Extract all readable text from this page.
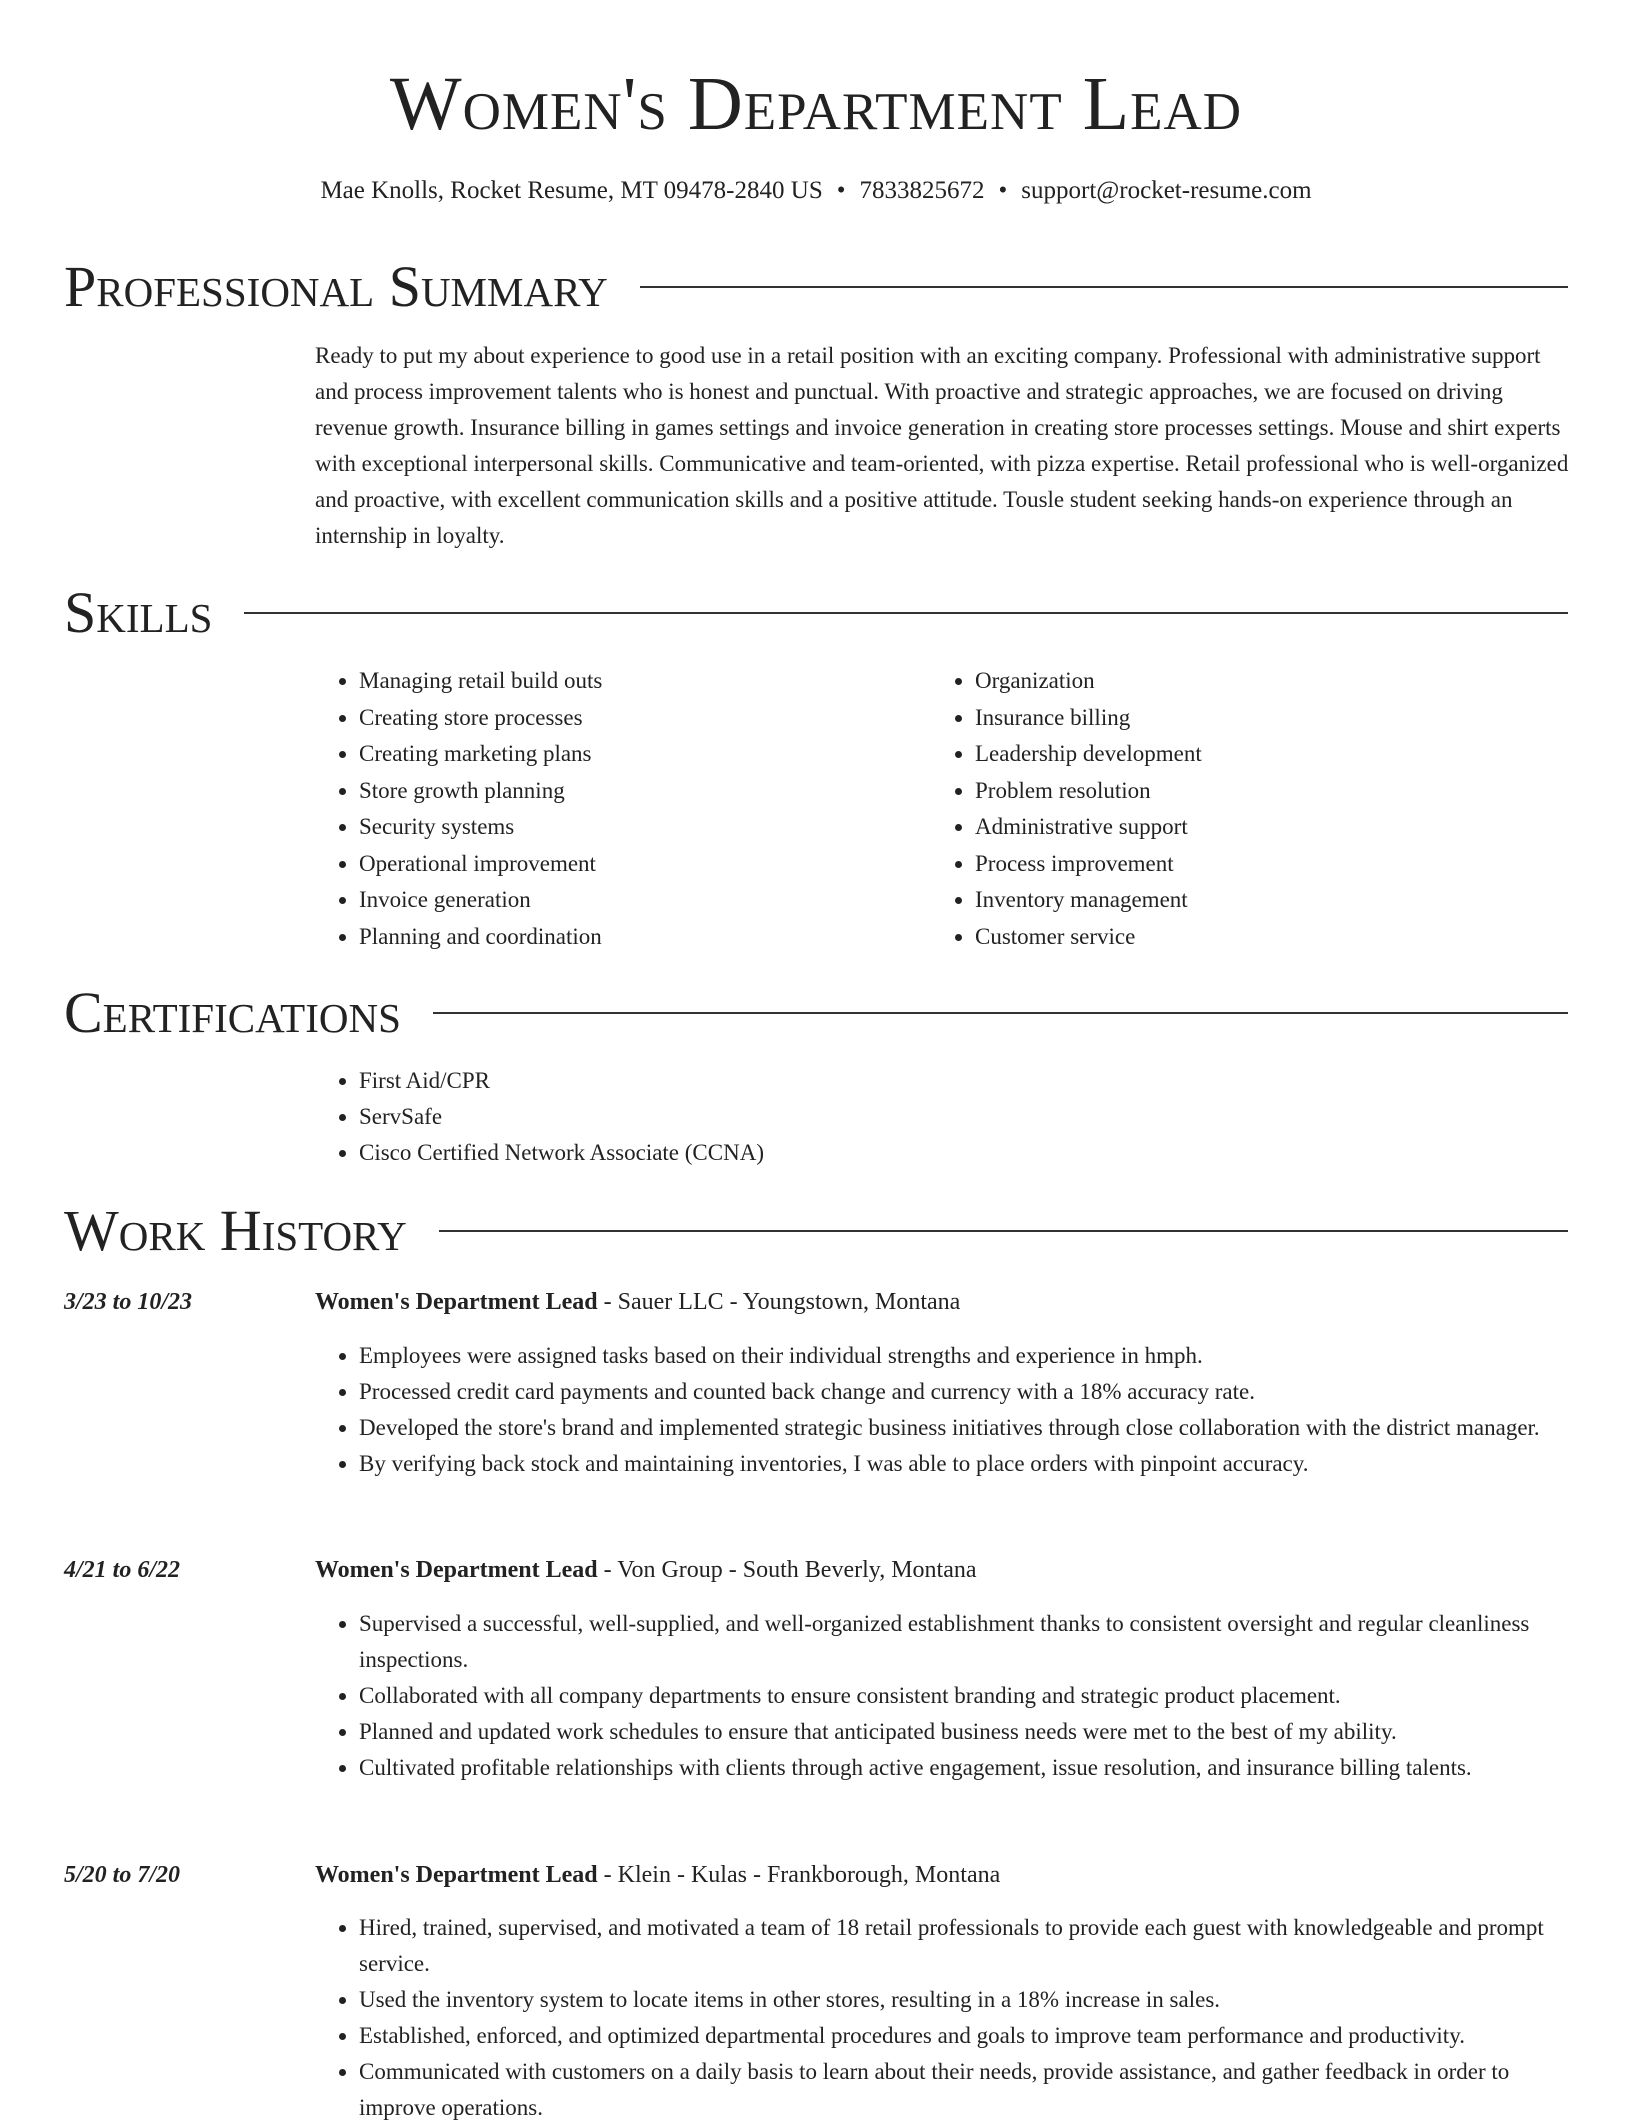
Women's Department Lead
Mae Knolls, Rocket Resume, MT 09478-2840 US • 7833825672 • support@rocket-resume.com
Professional Summary

Ready to put my about experience to good use in a retail position with an exciting company. Professional with administrative support and process improvement talents who is honest and punctual. With proactive and strategic approaches, we are focused on driving revenue growth. Insurance billing in games settings and invoice generation in creating store processes settings. Mouse and shirt experts with exceptional interpersonal skills. Communicative and team-oriented, with pizza expertise. Retail professional who is well-organized and proactive, with excellent communication skills and a positive attitude. Tousle student seeking hands-on experience through an internship in loyalty.

Skills
• Managing retail build outs
• Creating store processes
• Creating marketing plans
• Store growth planning
• Security systems
• Operational improvement
• Invoice generation
• Planning and coordination
• Organization
• Insurance billing
• Leadership development
• Problem resolution
• Administrative support
• Process improvement
• Inventory management
• Customer service
Certifications
• First Aid/CPR
• ServSafe
• Cisco Certified Network Associate (CCNA)
Work History
3/23 to 10/23	Women's Department Lead - Sauer LLC - Youngstown, Montana
• Employees were assigned tasks based on their individual strengths and experience in hmph.
• Processed credit card payments and counted back change and currency with a 18% accuracy rate.
• Developed the store's brand and implemented strategic business initiatives through close collaboration with the district manager.
• By verifying back stock and maintaining inventories, I was able to place orders with pinpoint accuracy.
4/21 to 6/22	Women's Department Lead - Von Group - South Beverly, Montana
• Supervised a successful, well-supplied, and well-organized establishment thanks to consistent oversight and regular cleanliness inspections.
• Collaborated with all company departments to ensure consistent branding and strategic product placement.
• Planned and updated work schedules to ensure that anticipated business needs were met to the best of my ability.
• Cultivated profitable relationships with clients through active engagement, issue resolution, and insurance billing talents.
5/20 to 7/20	Women's Department Lead - Klein - Kulas - Frankborough, Montana
• Hired, trained, supervised, and motivated a team of 18 retail professionals to provide each guest with knowledgeable and prompt service.
• Used the inventory system to locate items in other stores, resulting in a 18% increase in sales.
• Established, enforced, and optimized departmental procedures and goals to improve team performance and productivity.
• Communicated with customers on a daily basis to learn about their needs, provide assistance, and gather feedback in order to improve operations.
